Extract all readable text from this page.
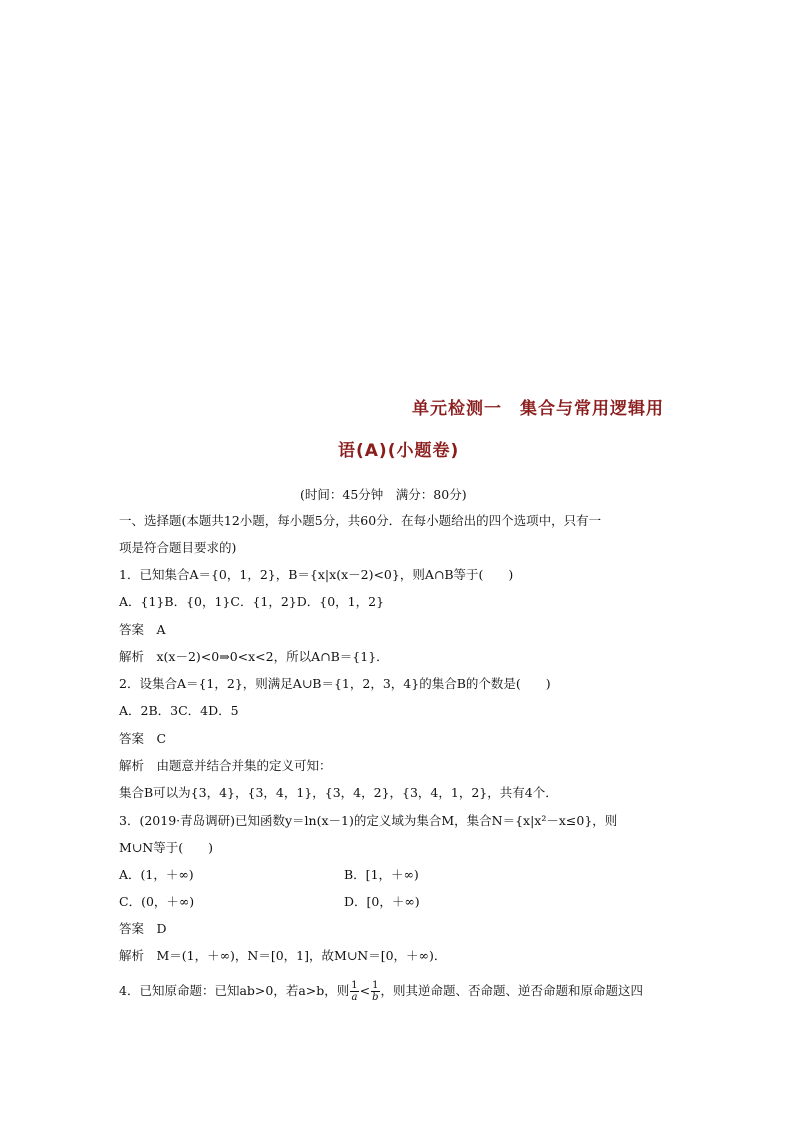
单元检测一　集合与常用逻辑用
语(A)(小题卷)
(时间：45分钟　满分：80分)
一、选择题(本题共12小题，每小题5分，共60分．在每小题给出的四个选项中，只有一
项是符合题目要求的)
1．已知集合A＝{0，1，2}，B＝{x|x(x－2)<0}，则A∩B等于(　　)
A．{1}B．{0，1}C．{1，2}D．{0，1，2}
答案　A
解析　x(x－2)<0⇒0<x<2，所以A∩B＝{1}．
2．设集合A＝{1，2}，则满足A∪B＝{1，2，3，4}的集合B的个数是(　　)
A．2B．3C．4D．5
答案　C
解析　由题意并结合并集的定义可知：
集合B可以为{3，4}，{3，4，1}，{3，4，2}，{3，4，1，2}，共有4个．
3．(2019·青岛调研)已知函数y＝ln(x－1)的定义域为集合M，集合N＝{x|x²－x≤0}，则
M∪N等于(　　)
A．(1，＋∞)	B．[1，＋∞)
C．(0，＋∞)	D．[0，＋∞)
答案　D
解析　M＝(1，＋∞)，N＝[0，1]，故M∪N＝[0，＋∞)．
4．已知原命题：已知ab>0，若a>b，则 $\frac{1}{a} < \frac{1}{b}$ ，则其逆命题、否命题、逆否命题和原命题这四
